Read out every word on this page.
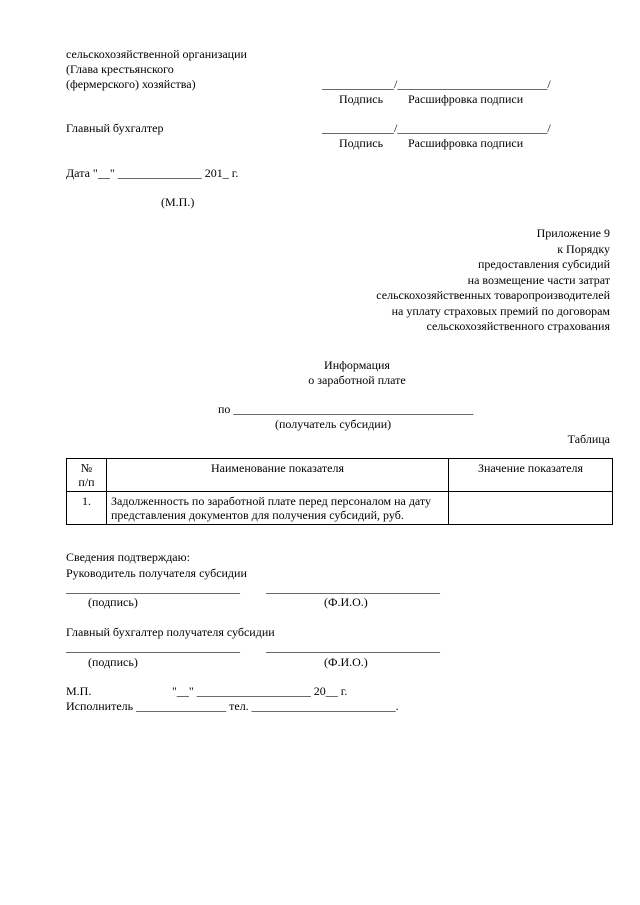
сельскохозяйственной организации
(Глава крестьянского
(фермерского) хозяйства)	____________/_________________________/
Подпись Расшифровка подписи
Главный бухгалтер	____________/_________________________/
Подпись Расшифровка подписи
Дата "__" ______________ 201_ г.
(М.П.)
Приложение 9
к Порядку
предоставления субсидий
на возмещение части затрат
сельскохозяйственных товаропроизводителей
на уплату страховых премий по договорам
сельскохозяйственного страхования
Информация
о заработной плате
по ________________________________________
(получатель субсидии)
Таблица
№
п/п	Наименование показателя	Значение показателя
1.	Задолженность по заработной плате перед персоналом на дату представления документов для получения субсидий, руб.	
Сведения подтверждаю:
Руководитель получателя субсидии
_____________________________ _____________________________
(подпись)	(Ф.И.О.)
Главный бухгалтер получателя субсидии
_____________________________ _____________________________
(подпись)	(Ф.И.О.)
М.П.	"__" ___________________ 20__ г.
Исполнитель _______________ тел. ________________________.
